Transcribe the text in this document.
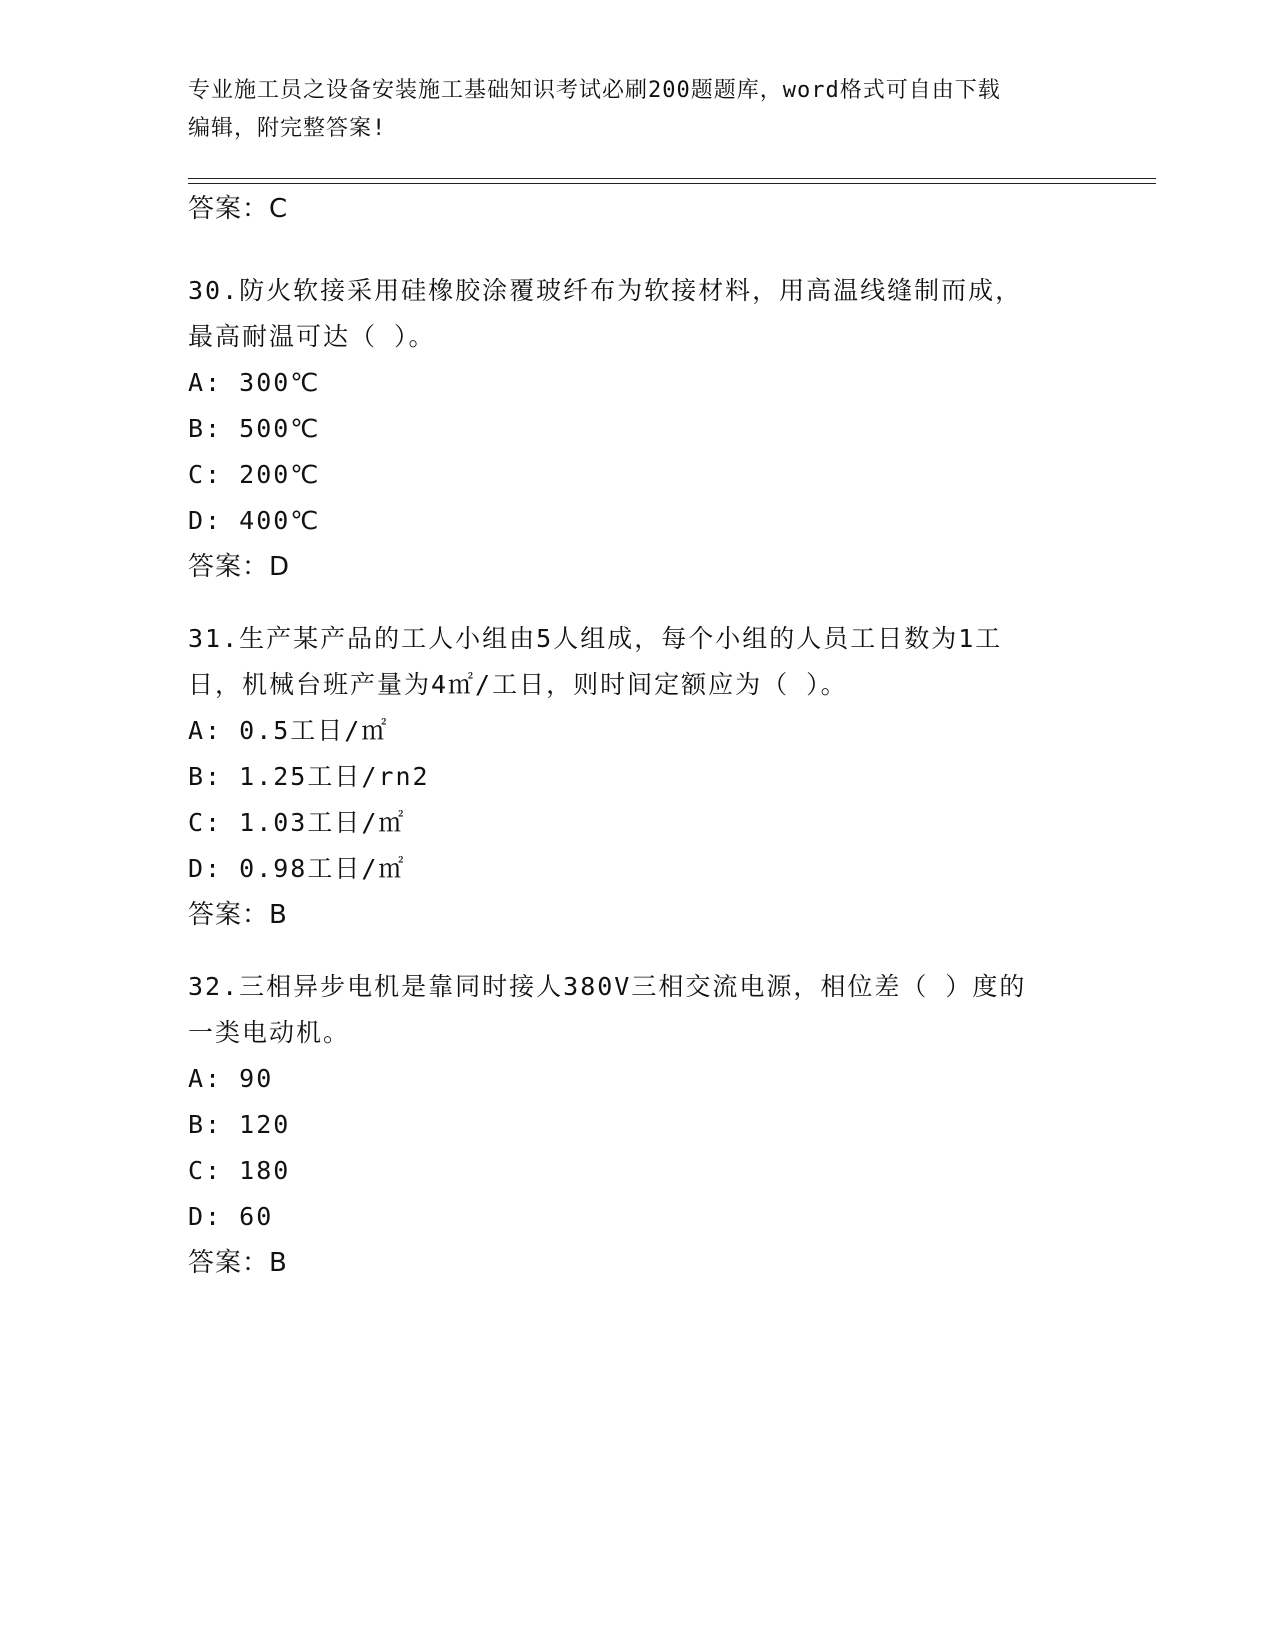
专业施工员之设备安装施工基础知识考试必刷200题题库，word格式可自由下载
编辑，附完整答案!
答案：C
30.防火软接采用硅橡胶涂覆玻纤布为软接材料，用高温线缝制而成，
最高耐温可达（ ）。
A: 300℃
B: 500℃
C: 200℃
D: 400℃
答案：D
31.生产某产品的工人小组由5人组成，每个小组的人员工日数为1工
日，机械台班产量为4㎡/工日，则时间定额应为（ ）。
A: 0.5工日/㎡
B: 1.25工日/rn2
C: 1.03工日/㎡
D: 0.98工日/㎡
答案：B
32.三相异步电机是靠同时接人380V三相交流电源，相位差（ ）度的
一类电动机。
A: 90
B: 120
C: 180
D: 60
答案：B
